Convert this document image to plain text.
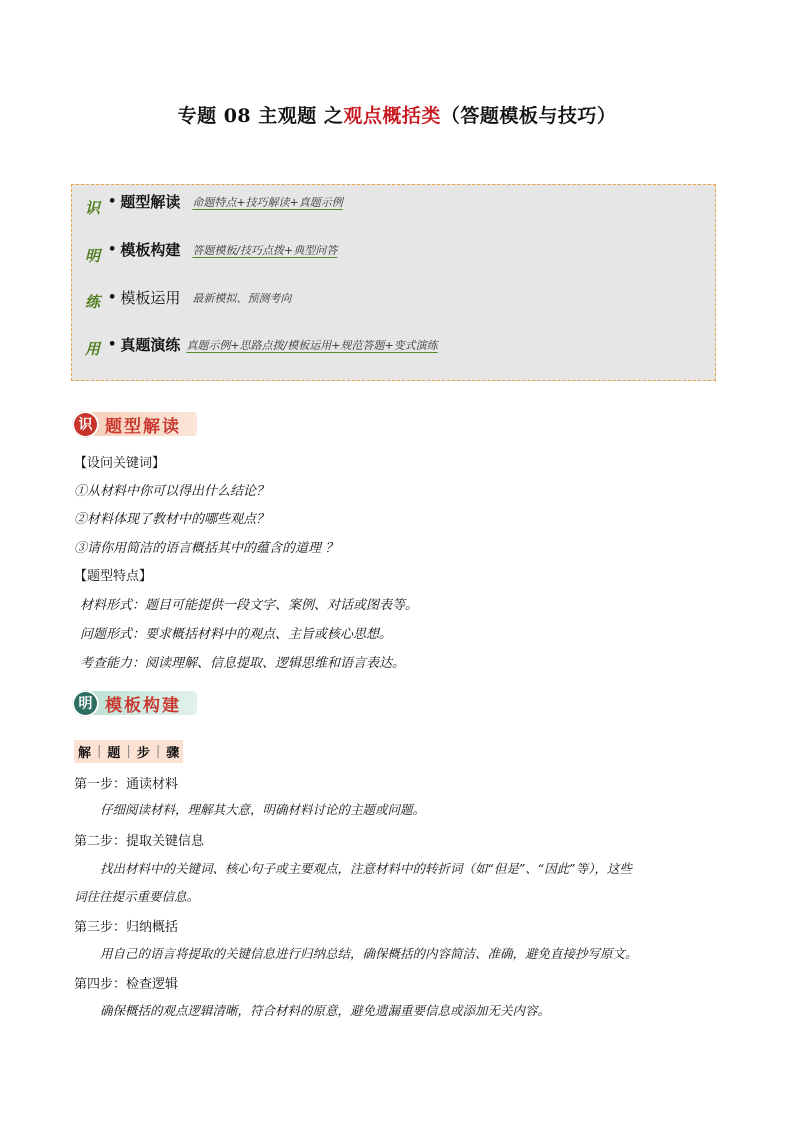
专题 08 主观题 之观点概括类（答题模板与技巧）
识
明
练
用
• 题型解读 命题特点+技巧解读+真题示例
• 模板构建 答题模板/技巧点拨+典型问答
• 模板运用 最新模拟、预测考向
• 真题演练 真题示例+思路点拨/模板运用+规范答题+变式演练
识 题型解读
【设问关键词】
①从材料中你可以得出什么结论？
②材料体现了教材中的哪些观点？
③请你用简洁的语言概括其中的蕴含的道理 ？
【题型特点】
材料形式：题目可能提供一段文字、案例、对话或图表等。
问题形式：要求概括材料中的观点、主旨或核心思想。
考查能力：阅读理解、信息提取、逻辑思维和语言表达。
明 模板构建
解 | 题 | 步 | 骤
第一步：通读材料
仔细阅读材料，理解其大意，明确材料讨论的主题或问题。
第二步：提取关键信息
找出材料中的关键词、核心句子或主要观点，注意材料中的转折词（如“但是”、“因此”等），这些
词往往提示重要信息。
第三步：归纳概括
用自己的语言将提取的关键信息进行归纳总结，确保概括的内容简洁、准确，避免直接抄写原文。
第四步：检查逻辑
确保概括的观点逻辑清晰，符合材料的原意，避免遗漏重要信息或添加无关内容。
